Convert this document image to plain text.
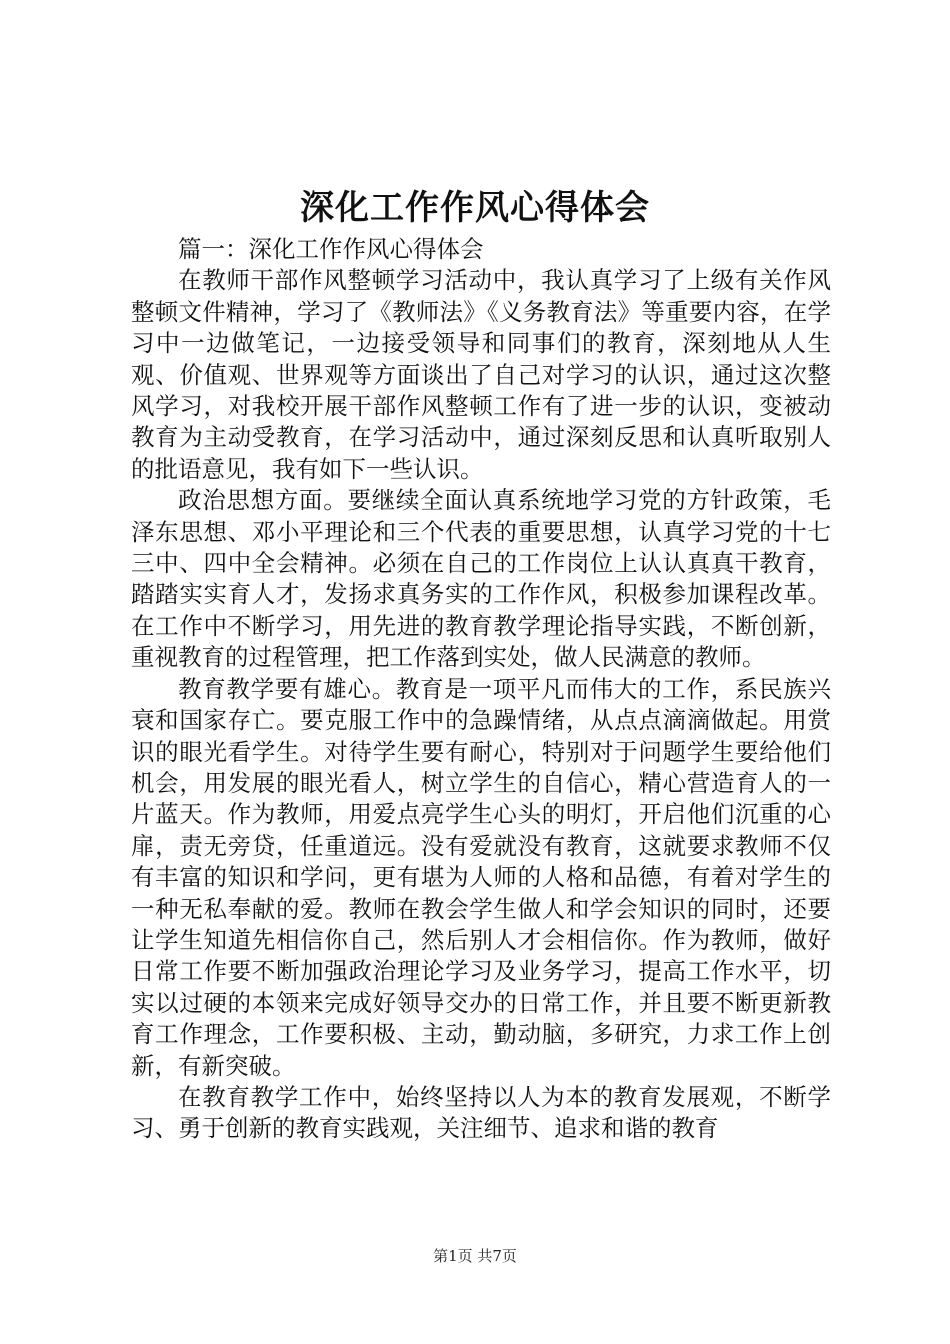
深化工作作风心得体会

篇一：深化工作作风心得体会

在教师干部作风整顿学习活动中，我认真学习了上级有关作风整顿文件精神，学习了《教师法》《义务教育法》等重要内容，在学习中一边做笔记，一边接受领导和同事们的教育，深刻地从人生观、价值观、世界观等方面谈出了自己对学习的认识，通过这次整风学习，对我校开展干部作风整顿工作有了进一步的认识，变被动教育为主动受教育，在学习活动中，通过深刻反思和认真听取别人的批语意见，我有如下一些认识。

政治思想方面。要继续全面认真系统地学习党的方针政策，毛泽东思想、邓小平理论和三个代表的重要思想，认真学习党的十七三中、四中全会精神。必须在自己的工作岗位上认认真真干教育，踏踏实实育人才，发扬求真务实的工作作风，积极参加课程改革。在工作中不断学习，用先进的教育教学理论指导实践，不断创新，重视教育的过程管理，把工作落到实处，做人民满意的教师。

教育教学要有雄心。教育是一项平凡而伟大的工作，系民族兴衰和国家存亡。要克服工作中的急躁情绪，从点点滴滴做起。用赏识的眼光看学生。对待学生要有耐心，特别对于问题学生要给他们机会，用发展的眼光看人，树立学生的自信心，精心营造育人的一片蓝天。作为教师，用爱点亮学生心头的明灯，开启他们沉重的心扉，责无旁贷，任重道远。没有爱就没有教育，这就要求教师不仅有丰富的知识和学问，更有堪为人师的人格和品德，有着对学生的一种无私奉献的爱。教师在教会学生做人和学会知识的同时，还要让学生知道先相信你自己，然后别人才会相信你。作为教师，做好日常工作要不断加强政治理论学习及业务学习，提高工作水平，切实以过硬的本领来完成好领导交办的日常工作，并且要不断更新教育工作理念，工作要积极、主动，勤动脑，多研究，力求工作上创新，有新突破。

在教育教学工作中，始终坚持以人为本的教育发展观，不断学习、勇于创新的教育实践观，关注细节、追求和谐的教育

第1页 共7页
